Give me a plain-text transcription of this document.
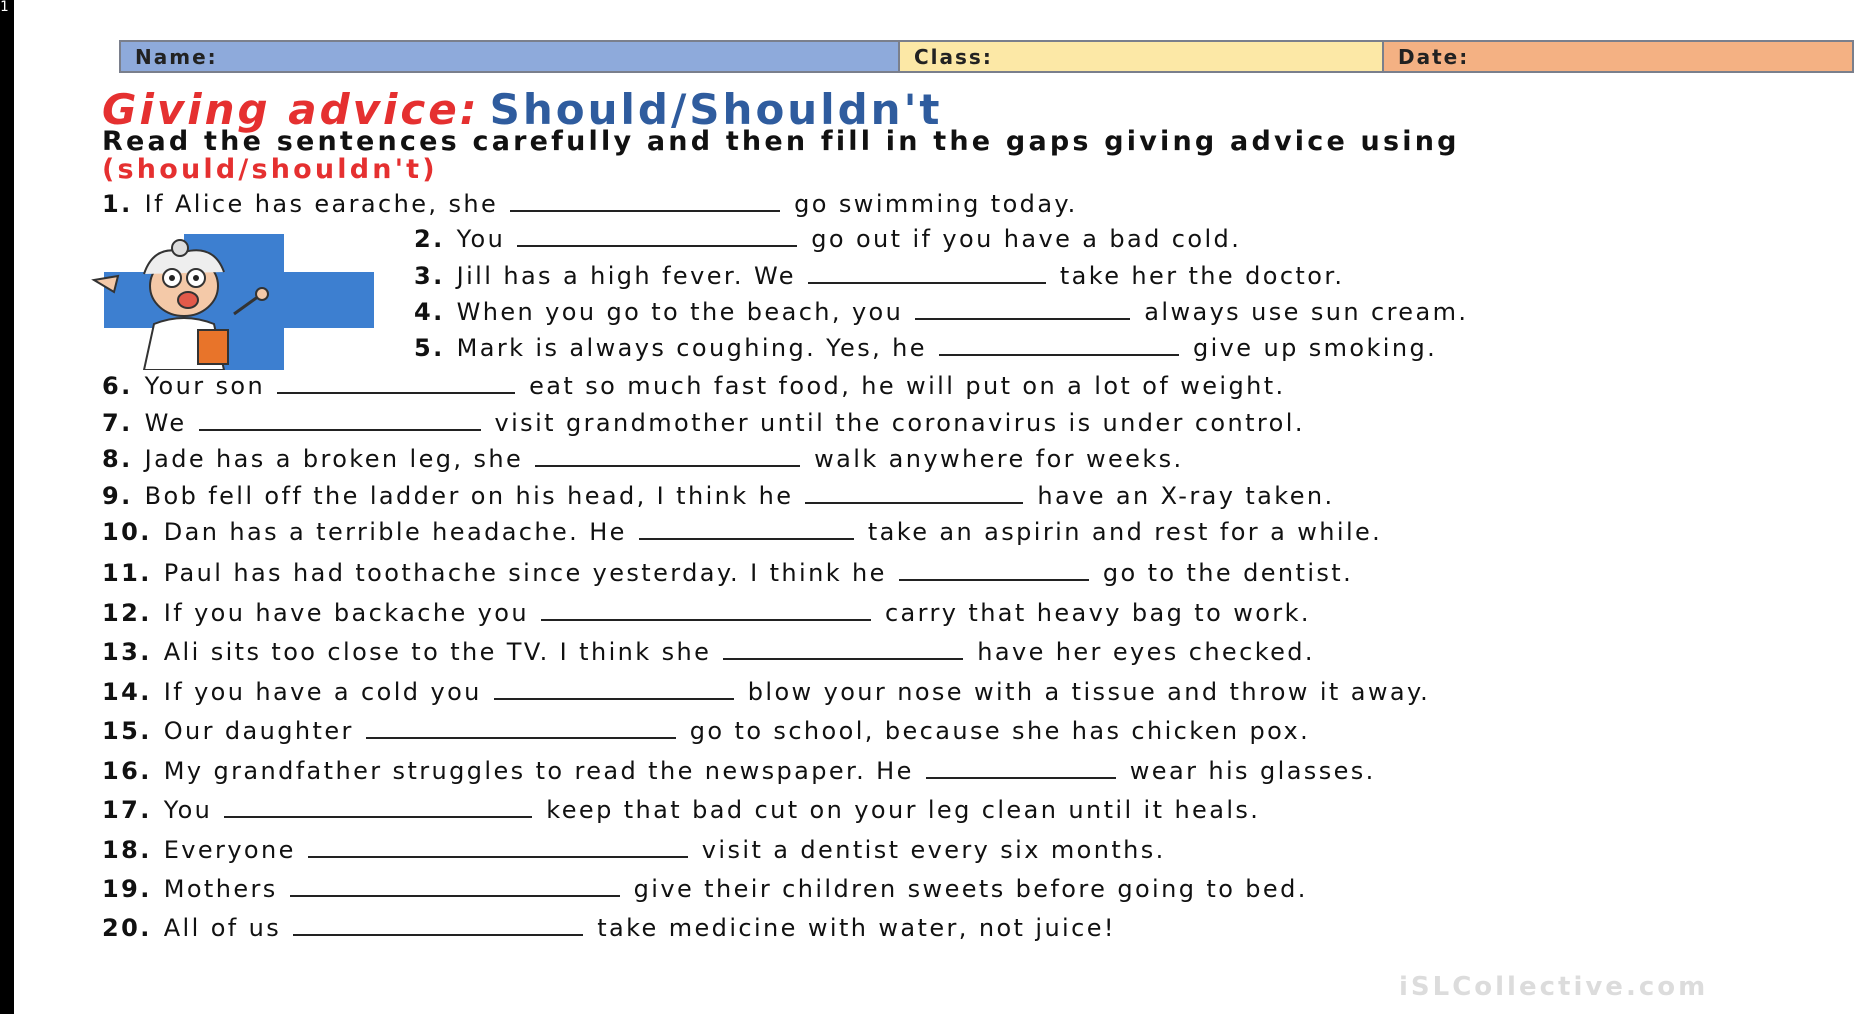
1
Name:	Class:	Date:
Giving advice: Should/Shouldn't
Read the sentences carefully and then fill in the gaps giving advice using (should/shouldn't)
1. If Alice has earache, she	go swimming today.
2. You	go out if you have a bad cold.
3. Jill has a high fever. We	take her the doctor.
4. When you go to the beach, you	always use sun cream.
5. Mark is always coughing. Yes, he	give up smoking.
6. Your son	eat so much fast food, he will put on a lot of weight.
7. We	visit grandmother until the coronavirus is under control.
8. Jade has a broken leg, she	walk anywhere for weeks.
9. Bob fell off the ladder on his head, I think he	have an X-ray taken.
10. Dan has a terrible headache. He	take an aspirin and rest for a while.
11. Paul has had toothache since yesterday. I think he	go to the dentist.
12. If you have backache you	carry that heavy bag to work.
13. Ali sits too close to the TV. I think she	have her eyes checked.
14. If you have a cold you	blow your nose with a tissue and throw it away.
15. Our daughter	go to school, because she has chicken pox.
16. My grandfather struggles to read the newspaper. He	wear his glasses.
17. You	keep that bad cut on your leg clean until it heals.
18. Everyone	visit a dentist every six months.
19. Mothers	give their children sweets before going to bed.
20. All of us	take medicine with water, not juice!
iSLCollective.com
